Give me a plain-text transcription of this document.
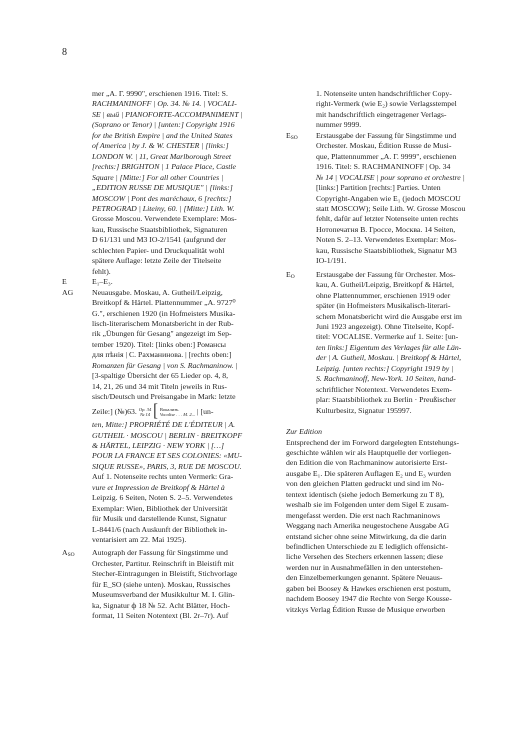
8
mer „A. Г. 9990", erschienen 1916. Titel: S.
RACHMANINOFF | Op. 34. № 14. | VOCALI-
SE | вый | PIANOFORTE-ACCOMPANIMENT |
(Soprano or Tenor) | [unten:] Copyright 1916
for the British Empire | and the United States
of America | by J. & W. CHESTER | [links:]
LONDON W. | 11, Great Marlborough Street
[rechts:] BRIGHTON | 1 Palace Place, Castle
Square | [Mitte:] For all other Countries |
„EDITION RUSSE DE MUSIQUE" | [links:]
MOSCOW | Pont des maréchaux, 6 [rechts:]
PETROGRAD | Liteiny, 60. | [Mitte:] Lith. W.
Grosse Moscou. Verwendete Exemplare: Mos-
kau, Russische Staatsbibliothek, Signaturen
D 61/131 und M3 IO-2/1541 (aufgrund der
schlechten Papier- und Druckqualität wohl
spätere Auflage: letzte Zeile der Titelseite
fehlt).
E	E₁–E₃.
AG Neuausgabe. Moskau, A. Gutheil/Leipzig,
Breitkopf & Härtel. Plattennummer „A. 9727⁰
G.", erschienen 1920 (in Hofmeisters Musika-
lisch-literarischem Monatsbericht in der Rub-
rik „Übungen für Gesang" angezeigt im Sep-
tember 1920). Titel: [links oben:] Романсы
для пѣнія | С. Рахманинова. | [rechts oben:]
Romanzen für Gesang | von S. Rachmaninow. |
[3-spaltige Übersicht der 65 Lieder op. 4, 8,
14, 21, 26 und 34 mit Titeln jeweils in Rus-
sisch/Deutsch und Preisangabe in Mark: letzte
Zeile:] (№)63. Op. 34
№ 14 [ Вокализъ.
Vocalise . . . M. 2.– | [un-
ten, Mitte:] PROPRIÉTÉ DE L'ÉDITEUR | A.
GUTHEIL · MOSCOU | BERLIN · BREITKOPF
& HÄRTEL, LEIPZIG · NEW YORK | […]
POUR LA FRANCE ET SES COLONIES: «MU-
SIQUE RUSSE», PARIS, 3, RUE DE MOSCOU.
Auf 1. Notenseite rechts unten Vermerk: Gra-
vure et Impression de Breitkopf & Härtel à
Leipzig. 6 Seiten, Noten S. 2–5. Verwendetes
Exemplar: Wien, Bibliothek der Universität
für Musik und darstellende Kunst, Signatur
L-8441/6 (nach Auskunft der Bibliothek in-
ventarisiert am 22. Mai 1925).
$A_{SO}$ Autograph der Fassung für Singstimme und
Orchester, Partitur. Reinschrift in Bleistift mit
Stecher-Eintragungen in Bleistift, Stichvorlage
für E_SO (siehe unten). Moskau, Russisches
Museumsverband der Musikkultur M. I. Glin-
ka, Signatur ф 18 № 52. Acht Blätter, Hoch-
format, 11 Seiten Notentext (Bl. 2r–7r). Auf
1. Notenseite unten handschriftlicher Copy-
right-Vermerk (wie E₂) sowie Verlagsstempel
mit handschriftlich eingetragener Verlags-
nummer 9999.
$E_{SO}$ Erstausgabe der Fassung für Singstimme und
Orchester. Moskau, Édition Russe de Musi-
que, Plattennummer „A. Г. 9999", erschienen
1916. Titel: S. RACHMANINOFF | Op. 34
№ 14 | VOCALISE | pour soprano et orchestre |
[links:] Partition [rechts:] Parties. Unten
Copyright-Angaben wie E₁ (jedoch MOSCOU
statt MOSCOW); Seile Lith. W. Grosse Moscou
fehlt, dafür auf letzter Notenseite unten rechts
Нотопечатня В. Гроссе, Москва. 14 Seiten,
Noten S. 2–13. Verwendetes Exemplar: Mos-
kau, Russische Staatsbibliothek, Signatur M3
IO-1/191.
$E_O$	Erstausgabe der Fassung für Orchester. Mos-
kau, A. Gutheil/Leipzig, Breitkopf & Härtel,
ohne Plattennummer, erschienen 1919 oder
später (in Hofmeisters Musikalisch-literari-
schem Monatsbericht wird die Ausgabe erst im
Juni 1923 angezeigt). Ohne Titelseite, Kopf-
titel: VOCALISE. Vermerke auf 1. Seite: [un-
ten links:] Eigentum des Verlages für alle Län-
der | A. Gutheil, Moskau. | Breitkopf & Härtel,
Leipzig. [unten rechts:] Copyright 1919 by |
S. Rachmaninoff, New-York. 10 Seiten, hand-
schriftlicher Notentext. Verwendetes Exem-
plar: Staatsbibliothek zu Berlin · Preußischer
Kulturbesitz, Signatur 195997.
Zur Edition
Entsprechend der im Forword dargelegten Entstehungs-
geschichte wählen wir als Hauptquelle der vorliegen-
den Edition die von Rachmaninow autorisierte Erst-
ausgabe E₁. Die späteren Auflagen E₂ und E₃ wurden
von den gleichen Platten gedruckt und sind im No-
tentext identisch (siehe jedoch Bemerkung zu T 8),
weshalb sie im Folgenden unter dem Sigel E zusam-
mengefasst werden. Die erst nach Rachmaninows
Weggang nach Amerika neugestochene Ausgabe AG
entstand sicher ohne seine Mitwirkung, da die darin
befindlichen Unterschiede zu E lediglich offensicht-
liche Versehen des Stechers erkennen lassen; diese
werden nur in Ausnahmefällen in den unterstehen-
den Einzelbemerkungen genannt. Spätere Neuaus-
gaben bei Boosey & Hawkes erschienen erst postum,
nachdem Boosey 1947 die Rechte von Serge Kousse-
vitzkys Verlag Édition Russe de Musique erworben
